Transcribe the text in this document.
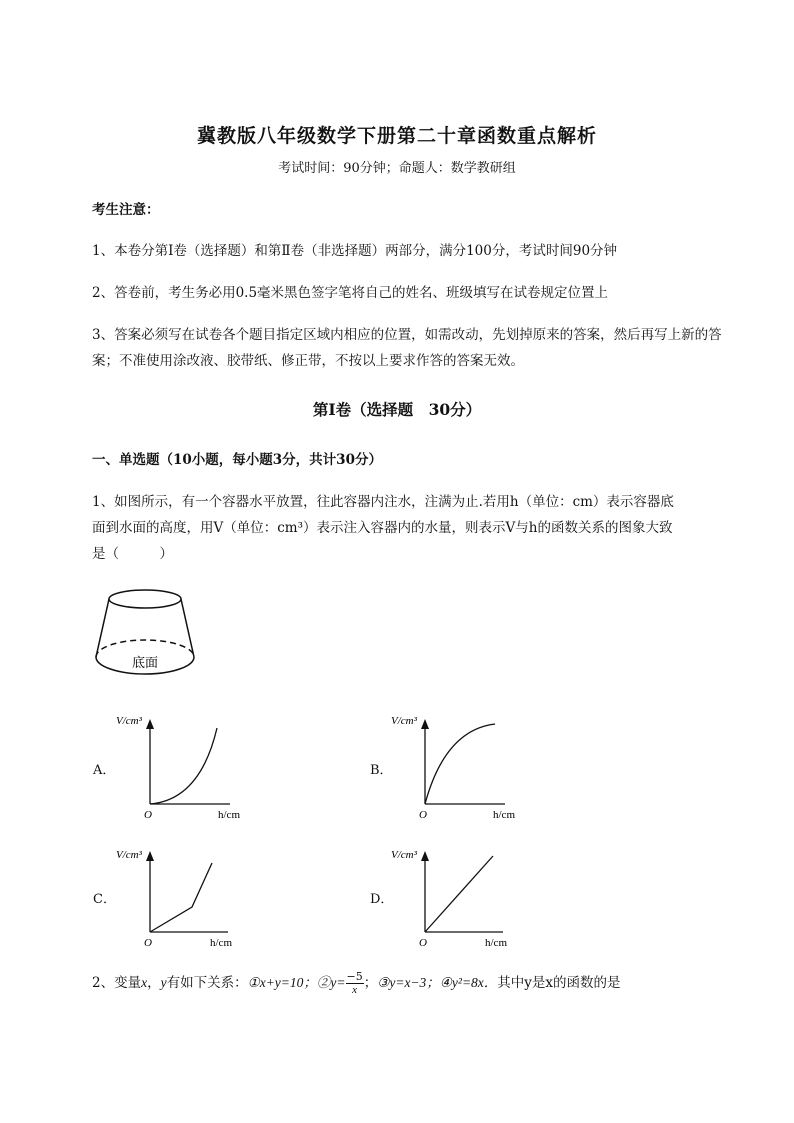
冀教版八年级数学下册第二十章函数重点解析
考试时间：90分钟；命题人：数学教研组
考生注意：
1、本卷分第I卷（选择题）和第Ⅱ卷（非选择题）两部分，满分100分，考试时间90分钟
2、答卷前，考生务必用0.5毫米黑色签字笔将自己的姓名、班级填写在试卷规定位置上
3、答案必须写在试卷各个题目指定区域内相应的位置，如需改动，先划掉原来的答案，然后再写上新的答案；不准使用涂改液、胶带纸、修正带，不按以上要求作答的答案无效。
第I卷（选择题　30分）
一、单选题（10小题，每小题3分，共计30分）
1、如图所示，有一个容器水平放置，往此容器内注水，注满为止.若用h（单位：cm）表示容器底
面到水面的高度，用V（单位：cm³）表示注入容器内的水量，则表示V与h的函数关系的图象大致
是（　　　）
底面
A．
V/cm³
h/cm
O
B．
V/cm³
h/cm
O
C．
V/cm³
h/cm
O
D．
V/cm³
h/cm
O
2、变量x，y有如下关系：①x+y=10；②y= $\frac{-5}{x}$ ；③y=x−3；④y²=8x．其中y是x的函数的是
